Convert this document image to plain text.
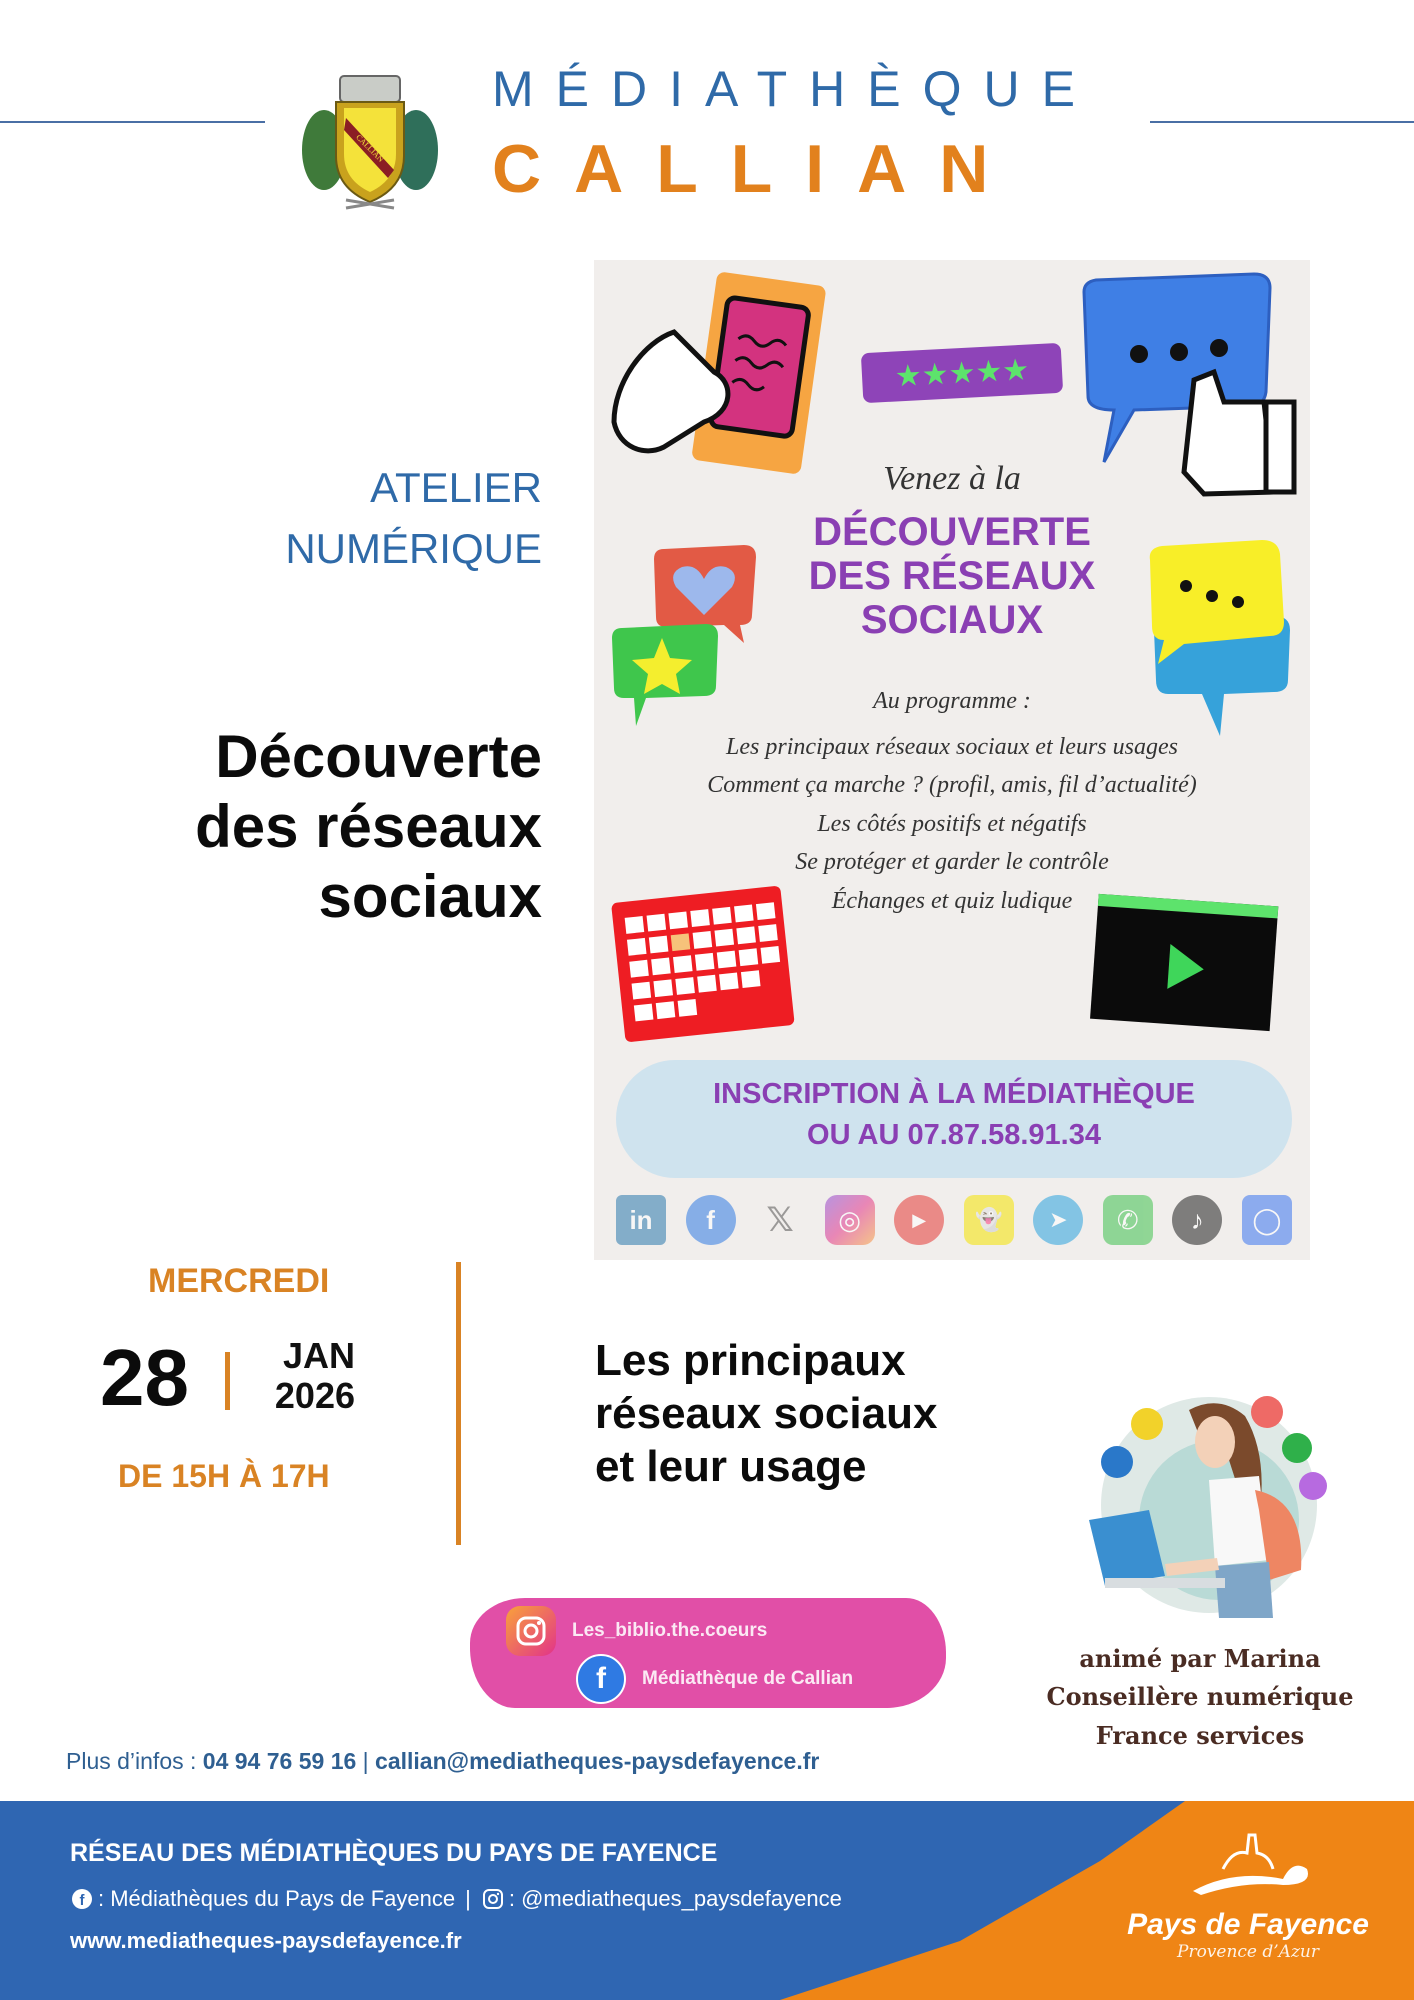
CALLIAN
MÉDIATHÈQUE
CALLIAN
ATELIER
NUMÉRIQUE
Découverte
des réseaux
sociaux
★★★★★
Venez à la
DÉCOUVERTE
DES RÉSEAUX
SOCIAUX
Au programme :
Les principaux réseaux sociaux et leurs usages
Comment ça marche ? (profil, amis, fil d’actualité)
Les côtés positifs et négatifs
Se protéger et garder le contrôle
Échanges et quiz ludique
INSCRIPTION À LA MÉDIATHÈQUE
OU AU 07.87.58.91.34
in	f	𝕏	◎	▶	👻	➤	✆	♪	◯
MERCREDI
28	JAN
2026
DE 15H À 17H
Les principaux
réseaux sociaux
et leur usage
animé par Marina
Conseillère numérique
France services
Les_biblio.the.coeurs
f	Médiathèque de Callian
Plus d’infos : 04 94 76 59 16 | callian@mediatheques-paysdefayence.fr
RÉSEAU DES MÉDIATHÈQUES DU PAYS DE FAYENCE
f : Médiathèques du Pays de Fayence | : @mediatheques_paysdefayence
www.mediatheques-paysdefayence.fr	Pays de Fayence
Provence d’Azur
